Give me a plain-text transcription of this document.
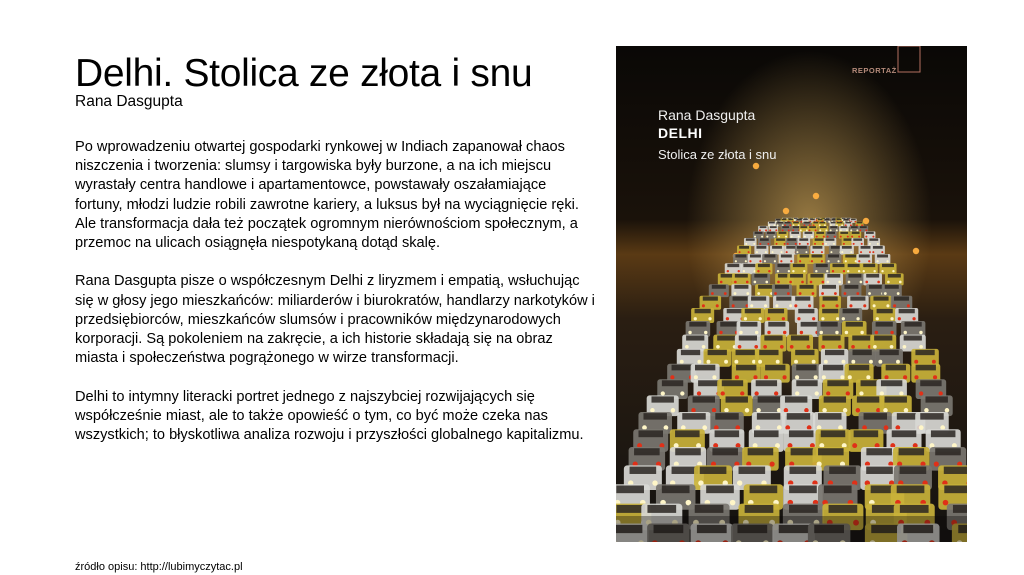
Delhi. Stolica ze złota i snu
Rana Dasgupta

Po wprowadzeniu otwartej gospodarki rynkowej w Indiach zapanował chaos niszczenia i tworzenia: slumsy i targowiska były burzone, a na ich miejscu wyrastały centra handlowe i apartamentowce, powstawały oszałamiające fortuny, młodzi ludzie robili zawrotne kariery, a luksus był na wyciągnięcie ręki. Ale transformacja dała też początek ogromnym nierównościom społecznym, a przemoc na ulicach osiągnęła niespotykaną dotąd skalę.

Rana Dasgupta pisze o współczesnym Delhi z liryzmem i empatią, wsłuchując się w głosy jego mieszkańców: miliarderów i biurokratów, handlarzy narkotyków i przedsiębiorców, mieszkańców slumsów i pracowników międzynarodowych korporacji. Są pokoleniem na zakręcie, a ich historie składają się na obraz miasta i społeczeństwa pogrążonego w wirze transformacji.

Delhi to intymny literacki portret jednego z najszybciej rozwijających się współcześnie miast, ale to także opowieść o tym, co być może czeka nas wszystkich; to błyskotliwa analiza rozwoju i przyszłości globalnego kapitalizmu.

źródło opisu: http://lubimyczytac.pl
REPORTAŻ
Rana Dasgupta
DELHI
Stolica ze złota i snu
